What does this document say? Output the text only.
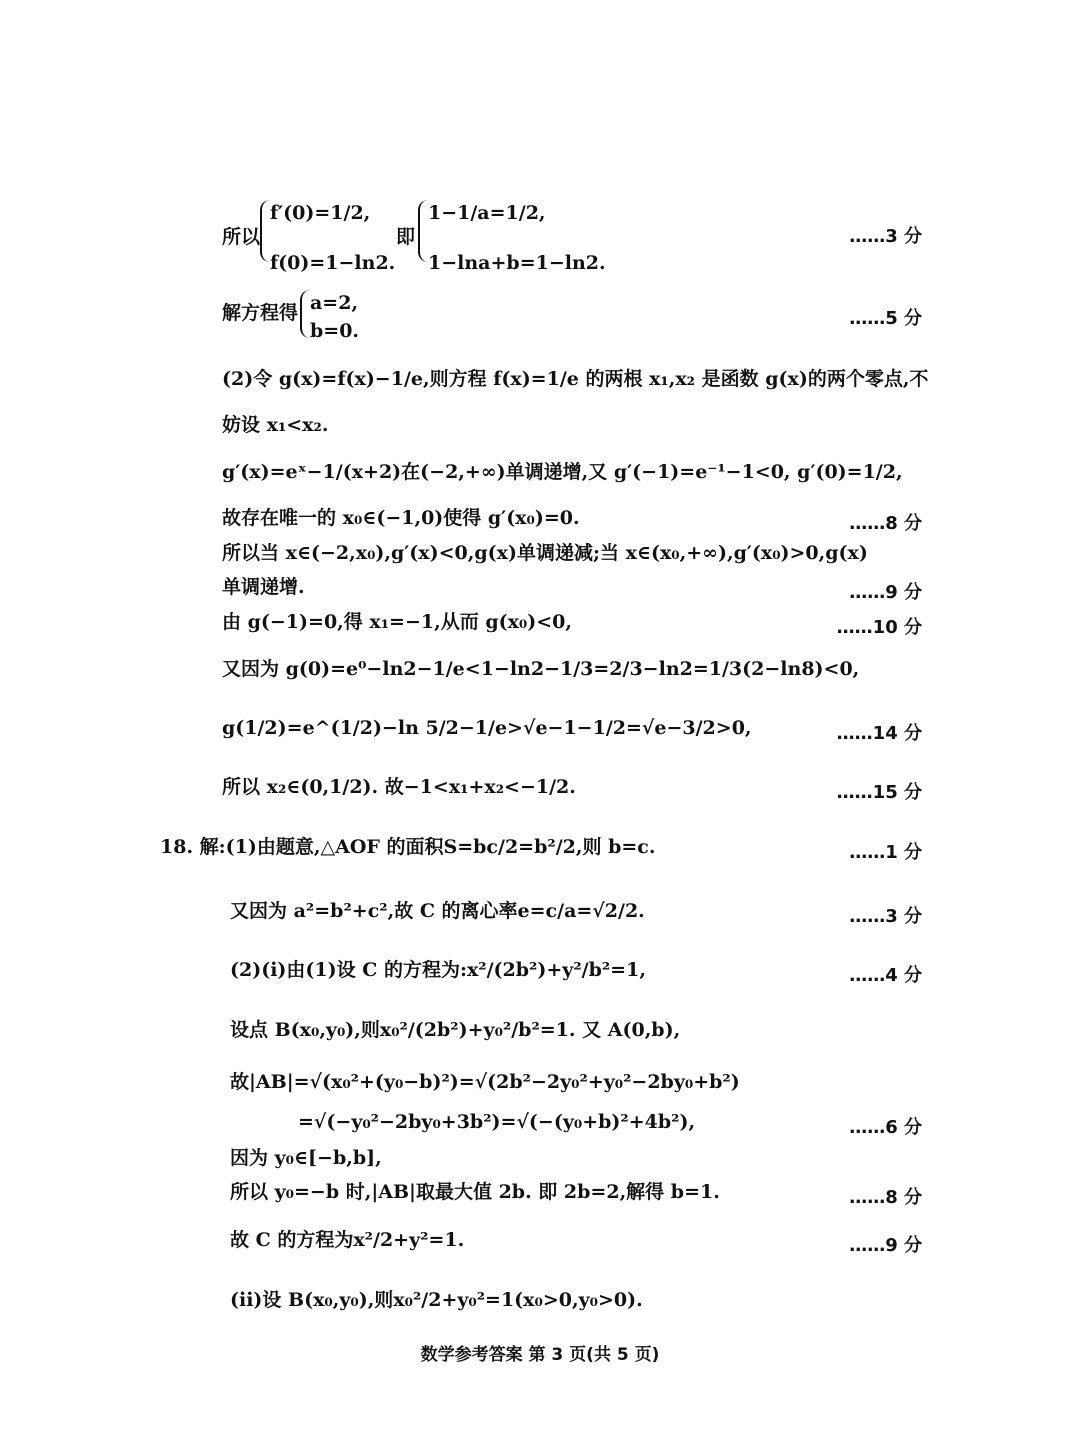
所以
f′(0)=1/2,
f(0)=1−ln2.
即
1−1/a=1/2,
1−lna+b=1−ln2.
……3 分
解方程得 a=2,
b=0.
……5 分
(2)令 g(x)=f(x)−1/e,则方程 f(x)=1/e 的两根 x₁,x₂ 是函数 g(x)的两个零点,不
妨设 x₁<x₂.
g′(x)=eˣ−1/(x+2)在(−2,+∞)单调递增,又 g′(−1)=e⁻¹−1<0, g′(0)=1/2,
故存在唯一的 x₀∈(−1,0)使得 g′(x₀)=0.	……8 分
所以当 x∈(−2,x₀),g′(x)<0,g(x)单调递减;当 x∈(x₀,+∞),g′(x₀)>0,g(x)
单调递增.	……9 分
由 g(−1)=0,得 x₁=−1,从而 g(x₀)<0,	……10 分
又因为 g(0)=e⁰−ln2−1/e<1−ln2−1/3=2/3−ln2=1/3(2−ln8)<0,
g(1/2)=e^(1/2)−ln 5/2−1/e>√e−1−1/2=√e−3/2>0,	……14 分
所以 x₂∈(0,1/2). 故−1<x₁+x₂<−1/2.	……15 分
18. 解:(1)由题意,△AOF 的面积S=bc/2=b²/2,则 b=c.	……1 分
又因为 a²=b²+c²,故 C 的离心率e=c/a=√2/2.	……3 分
(2)(i)由(1)设 C 的方程为:x²/(2b²)+y²/b²=1,	……4 分
设点 B(x₀,y₀),则x₀²/(2b²)+y₀²/b²=1. 又 A(0,b),
故|AB|=√(x₀²+(y₀−b)²)=√(2b²−2y₀²+y₀²−2by₀+b²)
=√(−y₀²−2by₀+3b²)=√(−(y₀+b)²+4b²),	……6 分
因为 y₀∈[−b,b],
所以 y₀=−b 时,|AB|取最大值 2b. 即 2b=2,解得 b=1.	……8 分
故 C 的方程为x²/2+y²=1.	……9 分
(ii)设 B(x₀,y₀),则x₀²/2+y₀²=1(x₀>0,y₀>0).
数学参考答案 第 3 页(共 5 页)
